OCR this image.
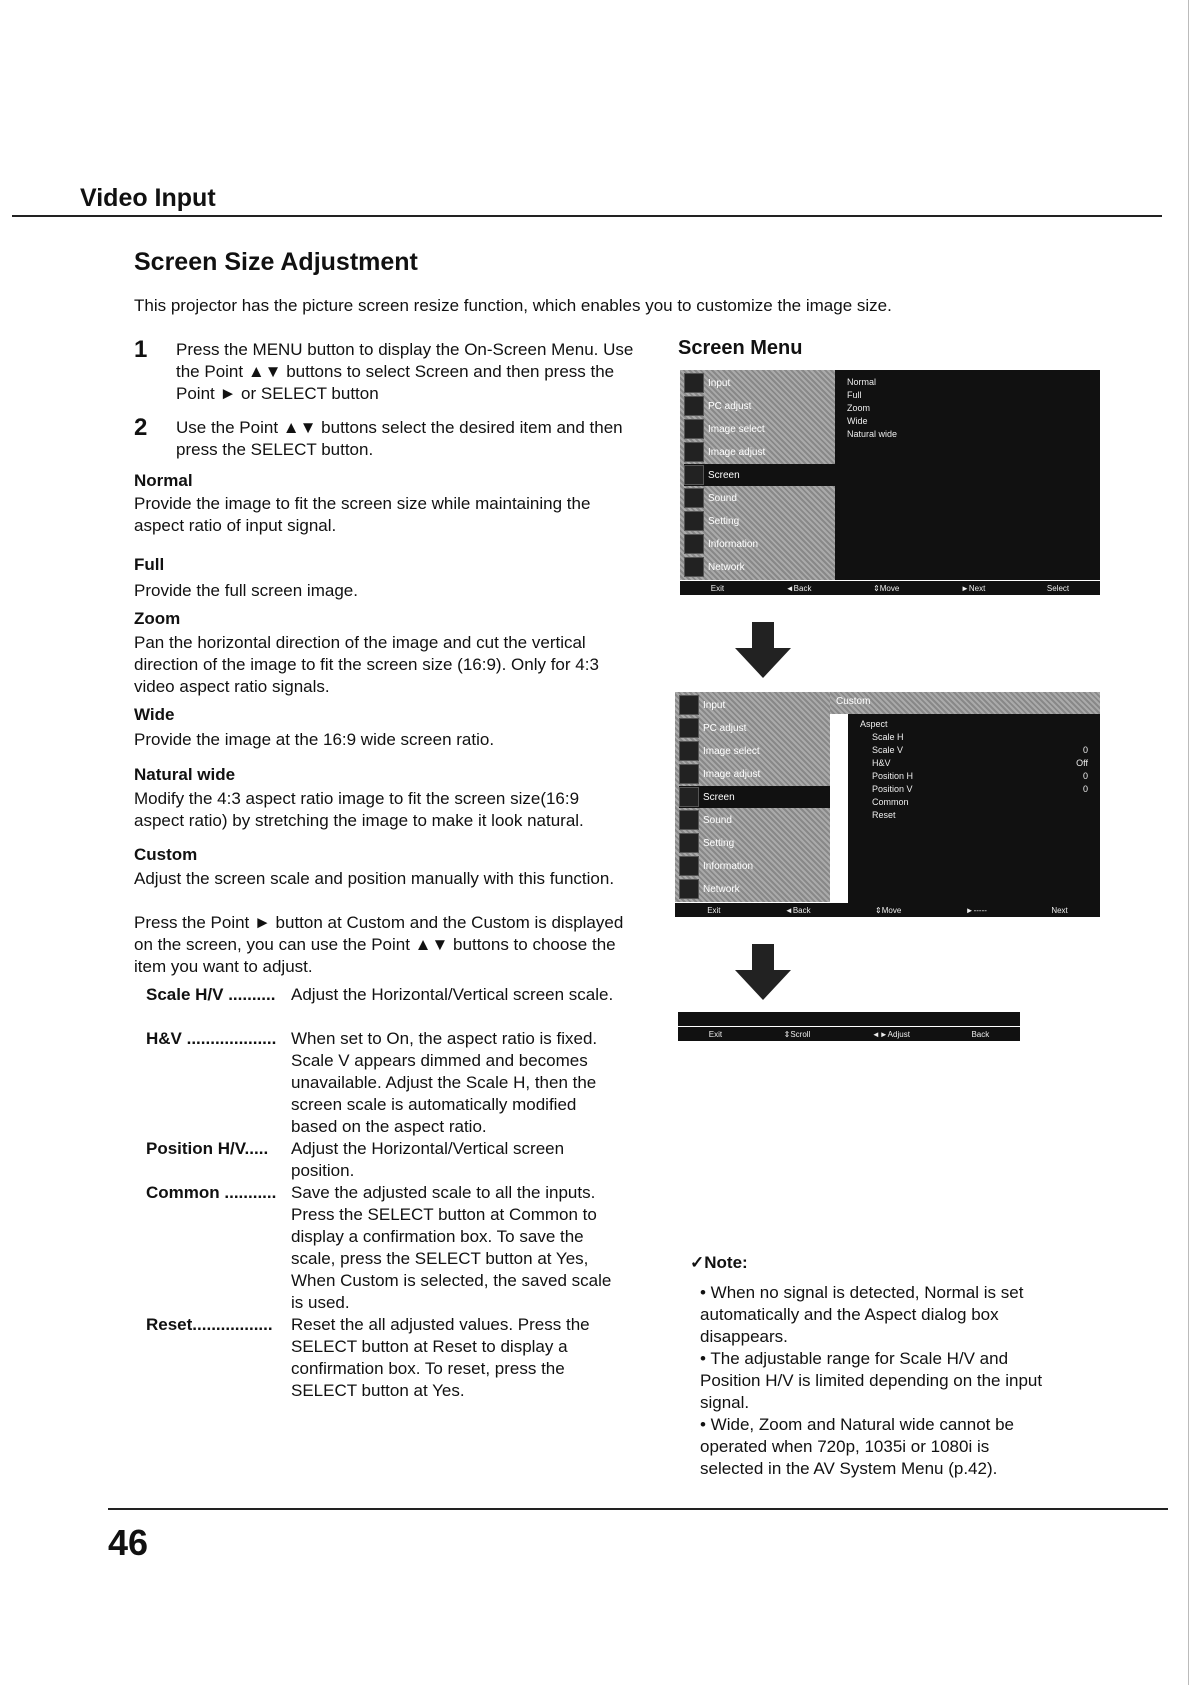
Video Input
Screen Size Adjustment
This projector has the picture screen resize function, which enables you to customize the image size.
1 Press the MENU button to display the On-Screen Menu. Use the Point ▲▼ buttons to select Screen and then press the Point ► or SELECT button
2 Use the Point ▲▼ buttons select the desired item and then press the SELECT button.
Normal
Provide the image to fit the screen size while maintaining the aspect ratio of input signal.
Full
Provide the full screen image.
Zoom
Pan the horizontal direction of the image and cut the vertical direction of the image to fit the screen size (16:9). Only for 4:3 video aspect ratio signals.
Wide
Provide the image at the 16:9 wide screen ratio.
Natural wide
Modify the 4:3 aspect ratio image to fit the screen size(16:9 aspect ratio) by stretching the image to make it look natural.
Custom
Adjust the screen scale and position manually with this function.
Press the Point ► button at Custom and the Custom is displayed on the screen, you can use the Point ▲▼ buttons to choose the item you want to adjust.
Scale H/V .......... Adjust the Horizontal/Vertical screen scale.
H&V ................... When set to On, the aspect ratio is fixed. Scale V appears dimmed and becomes unavailable. Adjust the Scale H, then the screen scale is automatically modified based on the aspect ratio.
Position H/V.....	Adjust the Horizontal/Vertical screen position.
Common ........... Save the adjusted scale to all the inputs. Press the SELECT button at Common to display a confirmation box. To save the scale, press the SELECT button at Yes, When Custom is selected, the saved scale is used.
Reset.................	Reset the all adjusted values. Press the SELECT button at Reset to display a confirmation box. To reset, press the SELECT button at Yes.
Screen Menu
Input
PC adjust
Image select
Image adjust
Screen
Sound
Setting
Information
Network
Normal
Full
Zoom
Wide
Natural wide
Exit	◄Back	⇕Move	►Next	Select
Input
PC adjust
Image select
Image adjust
Screen
Sound
Setting
Information
Network
Custom
Aspect
Scale H
Scale V	0
H&V	Off
Position H	0
Position V	0
Common
Reset
Exit	◄Back	⇕Move	►-----	Next
Exit	⇕Scroll	◄►Adjust	Back
✓Note:
• When no signal is detected, Normal is set automatically and the Aspect dialog box disappears.
• The adjustable range for Scale H/V and Position H/V is limited depending on the input signal.
• Wide, Zoom and Natural wide cannot be operated when 720p, 1035i or 1080i is selected in the AV System Menu (p.42).
46
